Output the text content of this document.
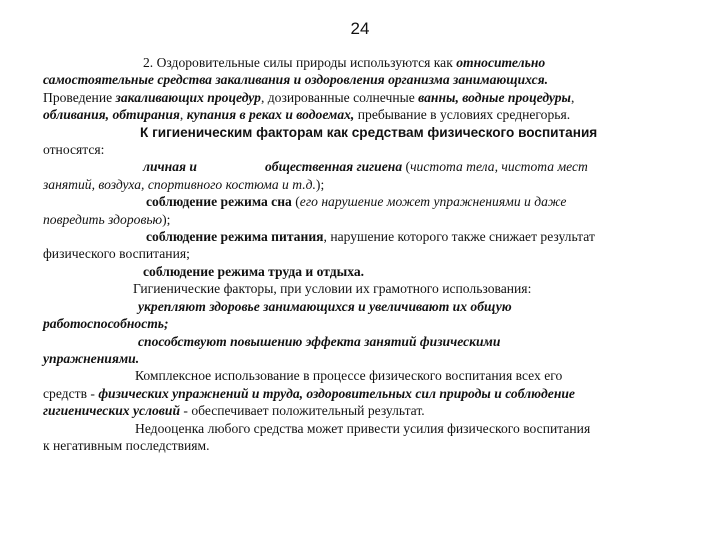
24
2. Оздоровительные силы природы используются как относительно
самостоятельные средства закаливания и оздоровления организма занимающихся.
Проведение закаливающих процедур, дозированные солнечные ванны, водные процедуры,
обливания, обтирания, купания в реках и водоемах, пребывание в условиях среднегорья.
К гигиеническим факторам как средствам физического воспитания
относятся:
личная и	общественная гигиена (чистота тела, чистота мест
занятий, воздуха, спортивного костюма и т.д.);
соблюдение режима сна (его нарушение может упражнениями и даже
повредить здоровью);
соблюдение режима питания, нарушение которого также снижает результат
физического воспитания;
соблюдение режима труда и отдыха.
Гигиенические факторы, при условии их грамотного использования:
укрепляют здоровье занимающихся и увеличивают их общую
работоспособность;
способствуют повышению эффекта занятий физическими
упражнениями.
Комплексное использование в процессе физического воспитания всех его
средств - физических упражнений и труда, оздоровительных сил природы и соблюдение
гигиенических условий - обеспечивает положительный результат.
Недооценка любого средства может привести усилия физического воспитания
к негативным последствиям.
